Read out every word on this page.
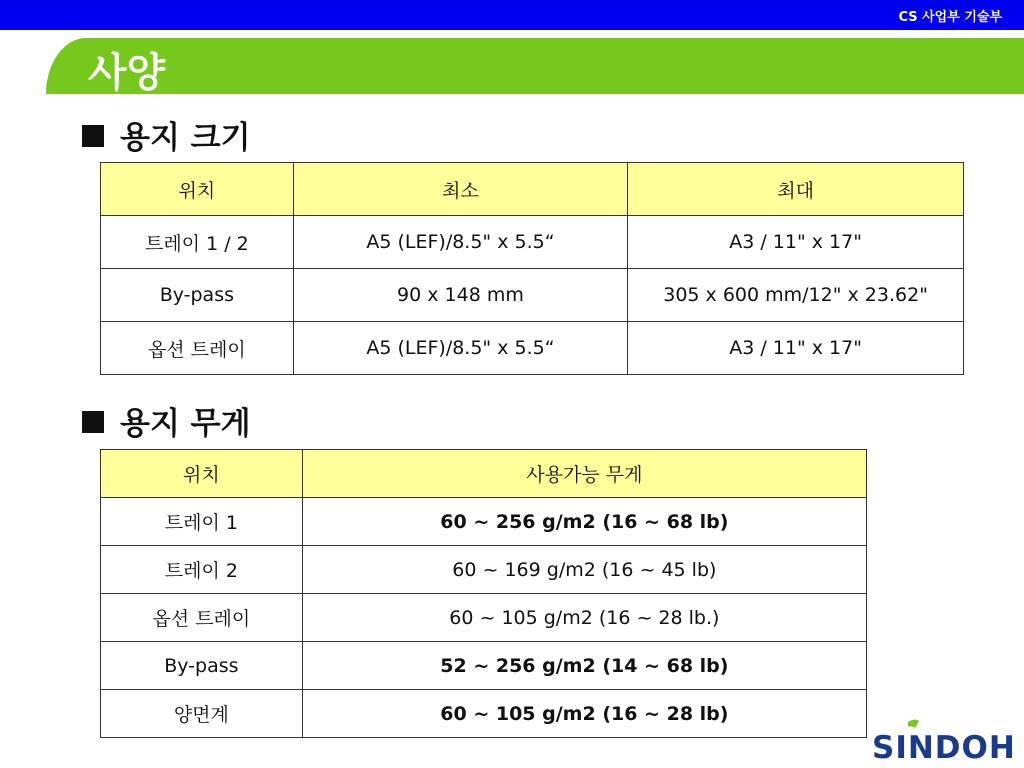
CS 사업부 기술부
사양
용지 크기
위치	최소	최대
트레이 1 / 2	A5 (LEF)/8.5" x 5.5“	A3 / 11" x 17"
By-pass	90 x 148 mm	305 x 600 mm/12" x 23.62"
옵션 트레이	A5 (LEF)/8.5" x 5.5“	A3 / 11" x 17"
용지 무게
위치	사용가능 무게
트레이 1	60 ~ 256 g/m2 (16 ~ 68 lb)
트레이 2	60 ~ 169 g/m2 (16 ~ 45 lb)
옵션 트레이	60 ~ 105 g/m2 (16 ~ 28 lb.)
By-pass	52 ~ 256 g/m2 (14 ~ 68 lb)
양면계	60 ~ 105 g/m2 (16 ~ 28 lb)
SINDOH
